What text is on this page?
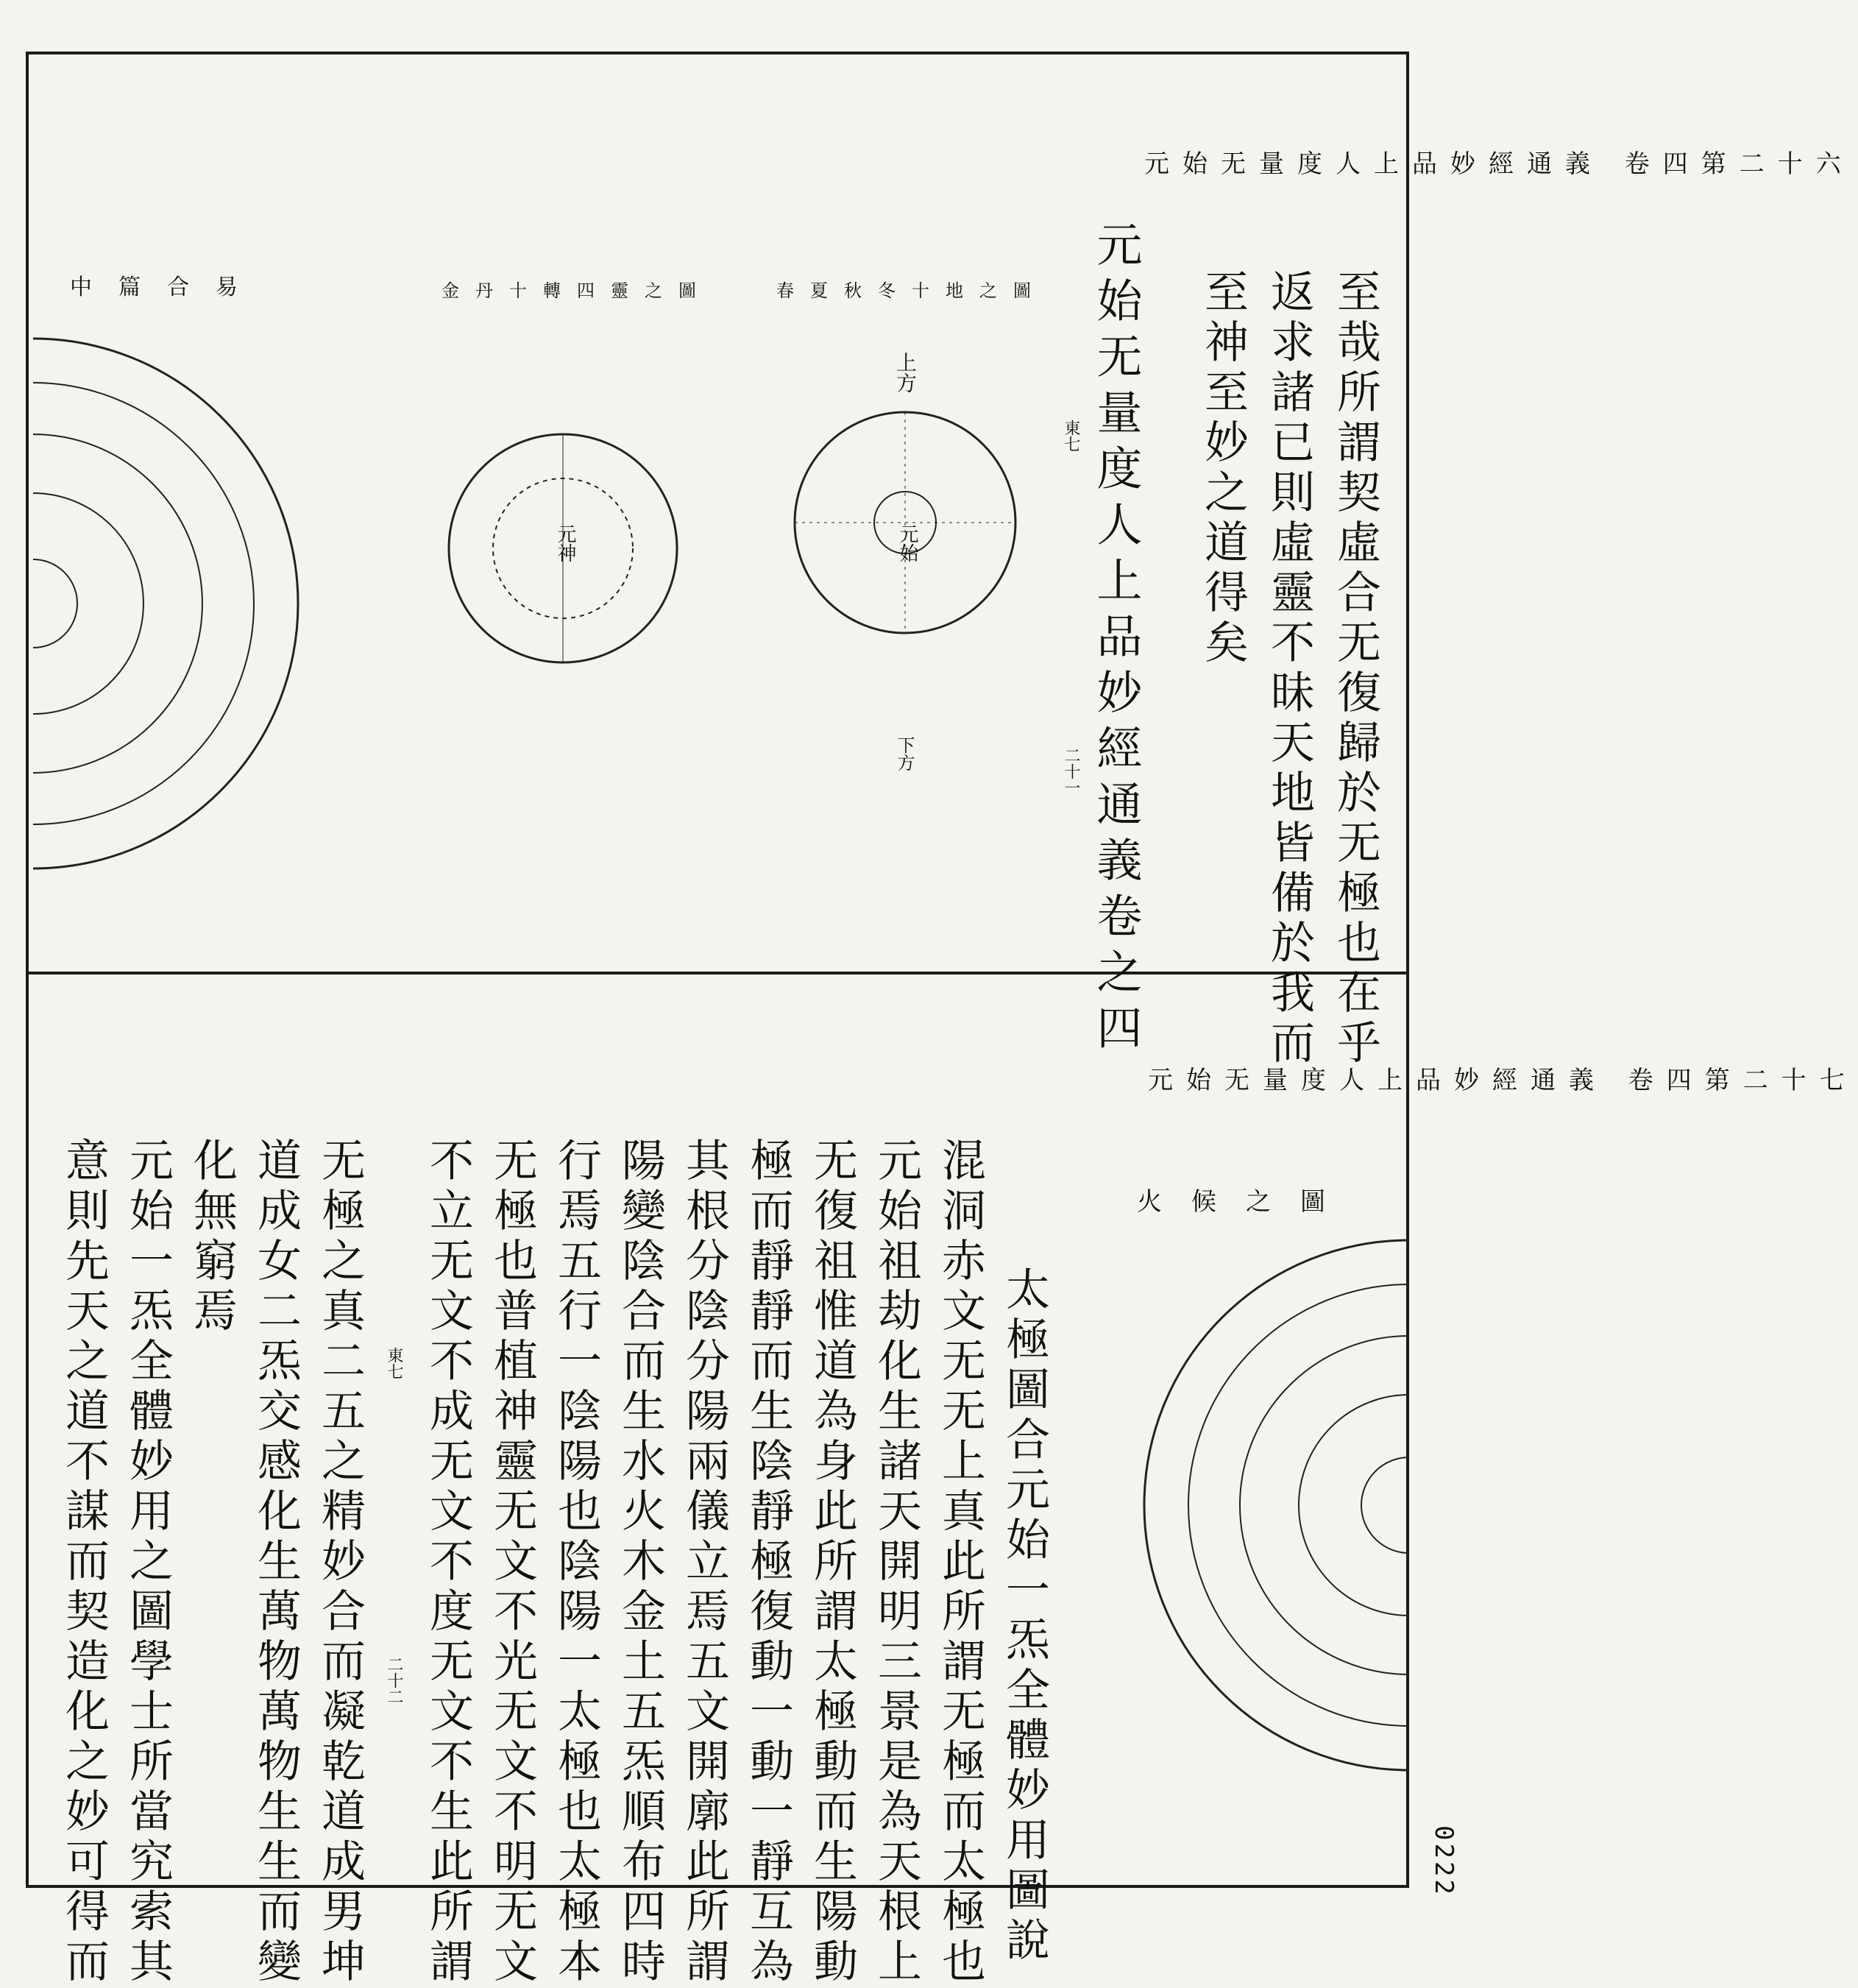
元始无量度人上品妙經通義 卷四第二十六
至哉所謂契虛合无復歸於无極也在乎
返求諸已則虛靈不昧天地皆備於我而
至神至妙之道得矣
元始无量度人上品妙經通義卷之四
東七
二十一
春夏秋冬十地之圖
上方
元始
下方
金丹十轉四靈之圖
元神
中篇合易
元始无量度人上品妙經通義 卷四第二十七
太極圖合元始一炁全體妙用圖說
混洞赤文无无上真此所謂无極而太極也
元始祖劫化生諸天開明三景是為天根上
无復祖惟道為身此所謂太極動而生陽動
極而靜靜而生陰靜極復動一動一靜互為
其根分陰分陽兩儀立焉五文開廓此所謂
陽變陰合而生水火木金土五炁順布四時
行焉五行一陰陽也陰陽一太極也太極本
无極也普植神靈无文不光无文不明无文
不立无文不成无文不度无文不生此所謂
无極之真二五之精妙合而凝乾道成男坤
道成女二炁交感化生萬物萬物生生而變
化無窮焉
元始一炁全體妙用之圖學士所當究索其
意則先天之道不謀而契造化之妙可得而	東七
二十二
火候之圖
0222
